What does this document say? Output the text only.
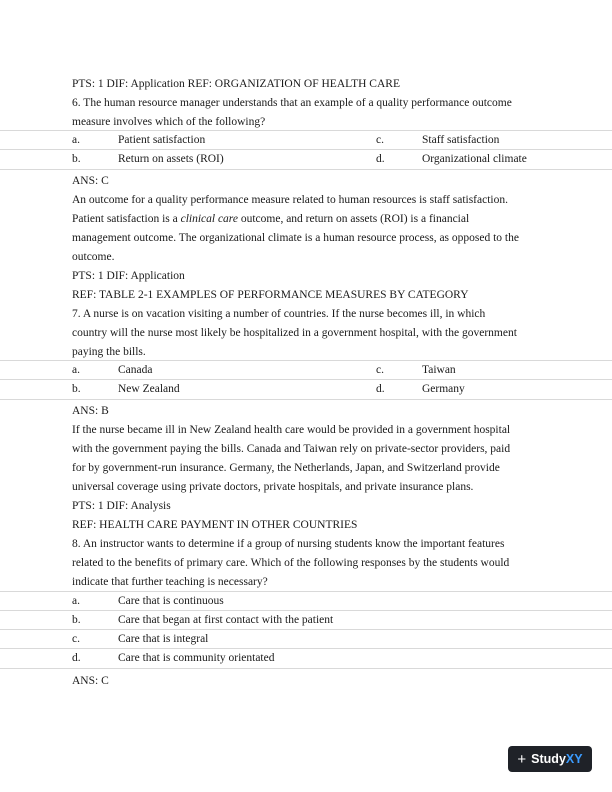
PTS: 1 DIF: Application REF: ORGANIZATION OF HEALTH CARE
6. The human resource manager understands that an example of a quality performance outcome
measure involves which of the following?
a.	Patient satisfaction	c.	Staff satisfaction
b.	Return on assets (ROI)	d.	Organizational climate
ANS: C
An outcome for a quality performance measure related to human resources is staff satisfaction.
Patient satisfaction is a clinical care outcome, and return on assets (ROI) is a financial
management outcome. The organizational climate is a human resource process, as opposed to the
outcome.
PTS: 1 DIF: Application
REF: TABLE 2-1 EXAMPLES OF PERFORMANCE MEASURES BY CATEGORY
7. A nurse is on vacation visiting a number of countries. If the nurse becomes ill, in which
country will the nurse most likely be hospitalized in a government hospital, with the government
paying the bills.
a.	Canada	c.	Taiwan
b.	New Zealand	d.	Germany
ANS: B
If the nurse became ill in New Zealand health care would be provided in a government hospital
with the government paying the bills. Canada and Taiwan rely on private-sector providers, paid
for by government-run insurance. Germany, the Netherlands, Japan, and Switzerland provide
universal coverage using private doctors, private hospitals, and private insurance plans.
PTS: 1 DIF: Analysis
REF: HEALTH CARE PAYMENT IN OTHER COUNTRIES
8. An instructor wants to determine if a group of nursing students know the important features
related to the benefits of primary care. Which of the following responses by the students would
indicate that further teaching is necessary?
a.	Care that is continuous
b.	Care that began at first contact with the patient
c.	Care that is integral
d.	Care that is community orientated
ANS: C
+ StudyXY
